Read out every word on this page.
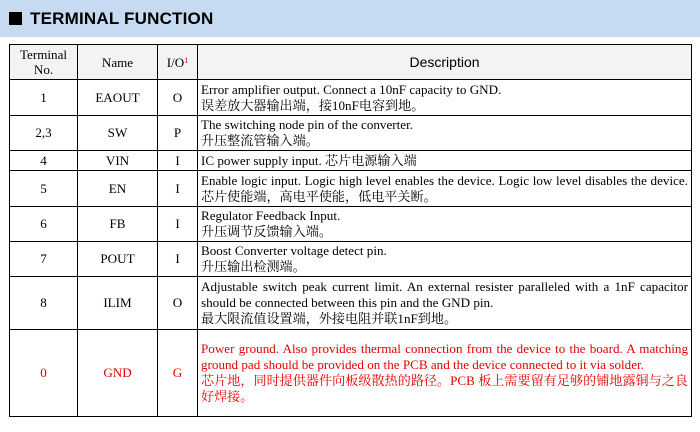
TERMINAL FUNCTION
Terminal
No.	Name	$I/O^1$	Description
1	EAOUT	O	Error amplifier output. Connect a 10nF capacity to GND.
误差放大器输出端，接10nF电容到地。

2,3	SW	P	The switching node pin of the converter.
升压整流管输入端。

4	VIN	I	IC power supply input. 芯片电源输入端
5	EN	I	Enable logic input. Logic high level enables the device. Logic low level disables the device. 芯片使能端，高电平使能，低电平关断。
6	FB	I	Regulator Feedback Input.
升压调节反馈输入端。

7	POUT	I	Boost Converter voltage detect pin.
升压输出检测端。

8	ILIM	O	Adjustable switch peak current limit. An external resister paralleled with a 1nF capacitor should be connected between this pin and the GND pin.
最大限流值设置端，外接电阻并联1nF到地。

0	GND	G	Power ground. Also provides thermal connection from the device to the board. A matching ground pad should be provided on the PCB and the device connected to it via solder.
芯片地，同时提供器件向板级散热的路径。PCB 板上需要留有足够的铺地露铜与之良好焊接。
